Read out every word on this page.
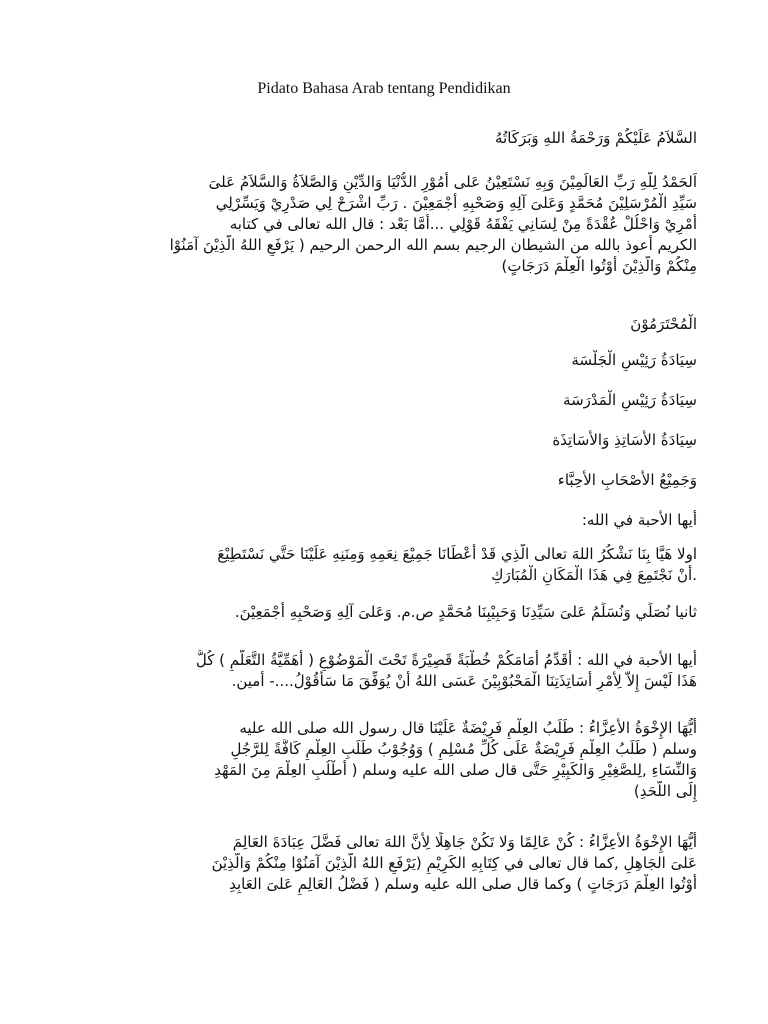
Pidato Bahasa Arab tentang Pendidikan
السَّلاَمُ عَلَيْكُمْ وَرَحْمَةُ اللهِ وَبَرَكَاتُهُ
اَلحَمْدُ لِلَّهِ رَبِّ العَالَمِيْنَ وَبِهِ نَسْتَعِيْنُ عَلى أُمُوْرِ الدُّنْيَا وَالدِّيْنِ وَالصَّلاَةُ وَالسَّلاَمُ عَلىَ
سَيِّدِ الْمُرْسَلِيْنَ مُحَمَّدٍ وَعَلىَ آلِهِ وَصَحْبِهِ أَجْمَعِيْنَ . رَبِّ اشْرَحْ لِي صَدْرِيْ وَيَسِّرْلِي
أَمْرِيْ وَاحْلُلْ عُقْدَةً مِنْ لِسَانِي يَفْقَهُ قَوْلِي ...أَمَّا بَعْد : قال الله تعالى في كتابه
الكريم أعوذ بالله من الشيطان الرجيم بسم الله الرحمن الرحيم ( يَرْفَعِ اللهُ الَّذِيْنَ آمَنُوْا
مِنْكُمْ وَالَّذِيْنَ أُوْتُوا الْعِلْمَ دَرَجَاتٍ)
الْمُحْتَرَمُوْنَ
سِيَادَةُ رَئِيْسِ الْجَلْسَة
سِيَادَةُ رَئِيْسِ الْمَدْرَسَة
سِيَادَةُ الأَسَاتِذِ وَالأَسَاتِذَة
وَجَمِيْعُ الأَصْحَابِ الأَحِبَّاء
أيها الأحبة في الله:
اولا هَيَّا بِنَا نَشْكُرُ اللهَ تعالى الَّذِي قَدْ أَعْطَانَا جَمِيْعَ نِعَمِهِ وَمِنَنِهِ عَلَيْنَا حَتَّي نَسْتَطِيْعَ
.أَنْ نَجْتَمِعَ فِي هَذَا الْمَكَانِ الْمُبَارَكِ
ثانيا نُصَلِّي وَنُسَلِّمُ عَلىَ سَيِّدِنَا وَحَبِيْبِنَا مُحَمَّدٍ ص.م. وَعَلىَ آلِهِ وَصَحْبِهِ أَجْمَعِيْنَ.
أيها الأحبة في الله : أُقَدِّمُ أَمَامَكُمْ خُطْبَةً قَصِيْرَةً تَحْتَ الْمَوْضُوْعِ ( أَهَمِّيَّةُ التَّعَلُّمِ ) كُلُّ
هَذَا لَيْسَ إِلاَّ لِأَمْرِ أَسَاتِذَتِنَا الْمَحْبُوْبِيْنَ عَسَى اللهُ أَنْ يُوَفِّقَ مَا سَأَقُوْلُ....- أمين.
أَيُّهَا الإِخْوَةُ الأَعِزَّاءُ : طَلَبُ العِلْمِ فَرِيْضَةٌ عَلَيْنَا قال رسول الله صلى الله عليه
وسلم ( طَلَبُ العِلْمِ فَرِيْضَةٌ عَلَى كُلِّ مُسْلِمٍ ) وَوُجُوْبُ طَلَبِ العِلْمِ كَافَّةً لِلرَّجُلِ
وَالنِّسَاءِ ,لِلصَّغِيْرِ وَالكَبِيْرِ حَتَّى قال صلى الله عليه وسلم ( أُطْلُبِ العِلْمَ مِنَ المَهْدِ
إِلَى اللَّحَدِ)
أَيُّهَا الإِخْوَةُ الأَعِزَّاءُ : كُنْ عَالِمًا وَلا تَكُنْ جَاهِلًا لِأَنَّ اللهَ تعالى فَضَّلَ عِبَادَةَ العَالِمَ
عَلىَ الجَاهِلِ ,كما قال تعالى في كِتَابِهِ الكَرِيْمِ (يَرْفَعِ اللهُ الَّذِيْنَ آمَنُوْا مِنْكُمْ وَالَّذِيْنَ
أُوْتُوا العِلْمَ دَرَجَاتٍ ) وكما قال صلى الله عليه وسلم ( فَضْلُ العَالِمِ عَلىَ العَابِدِ
